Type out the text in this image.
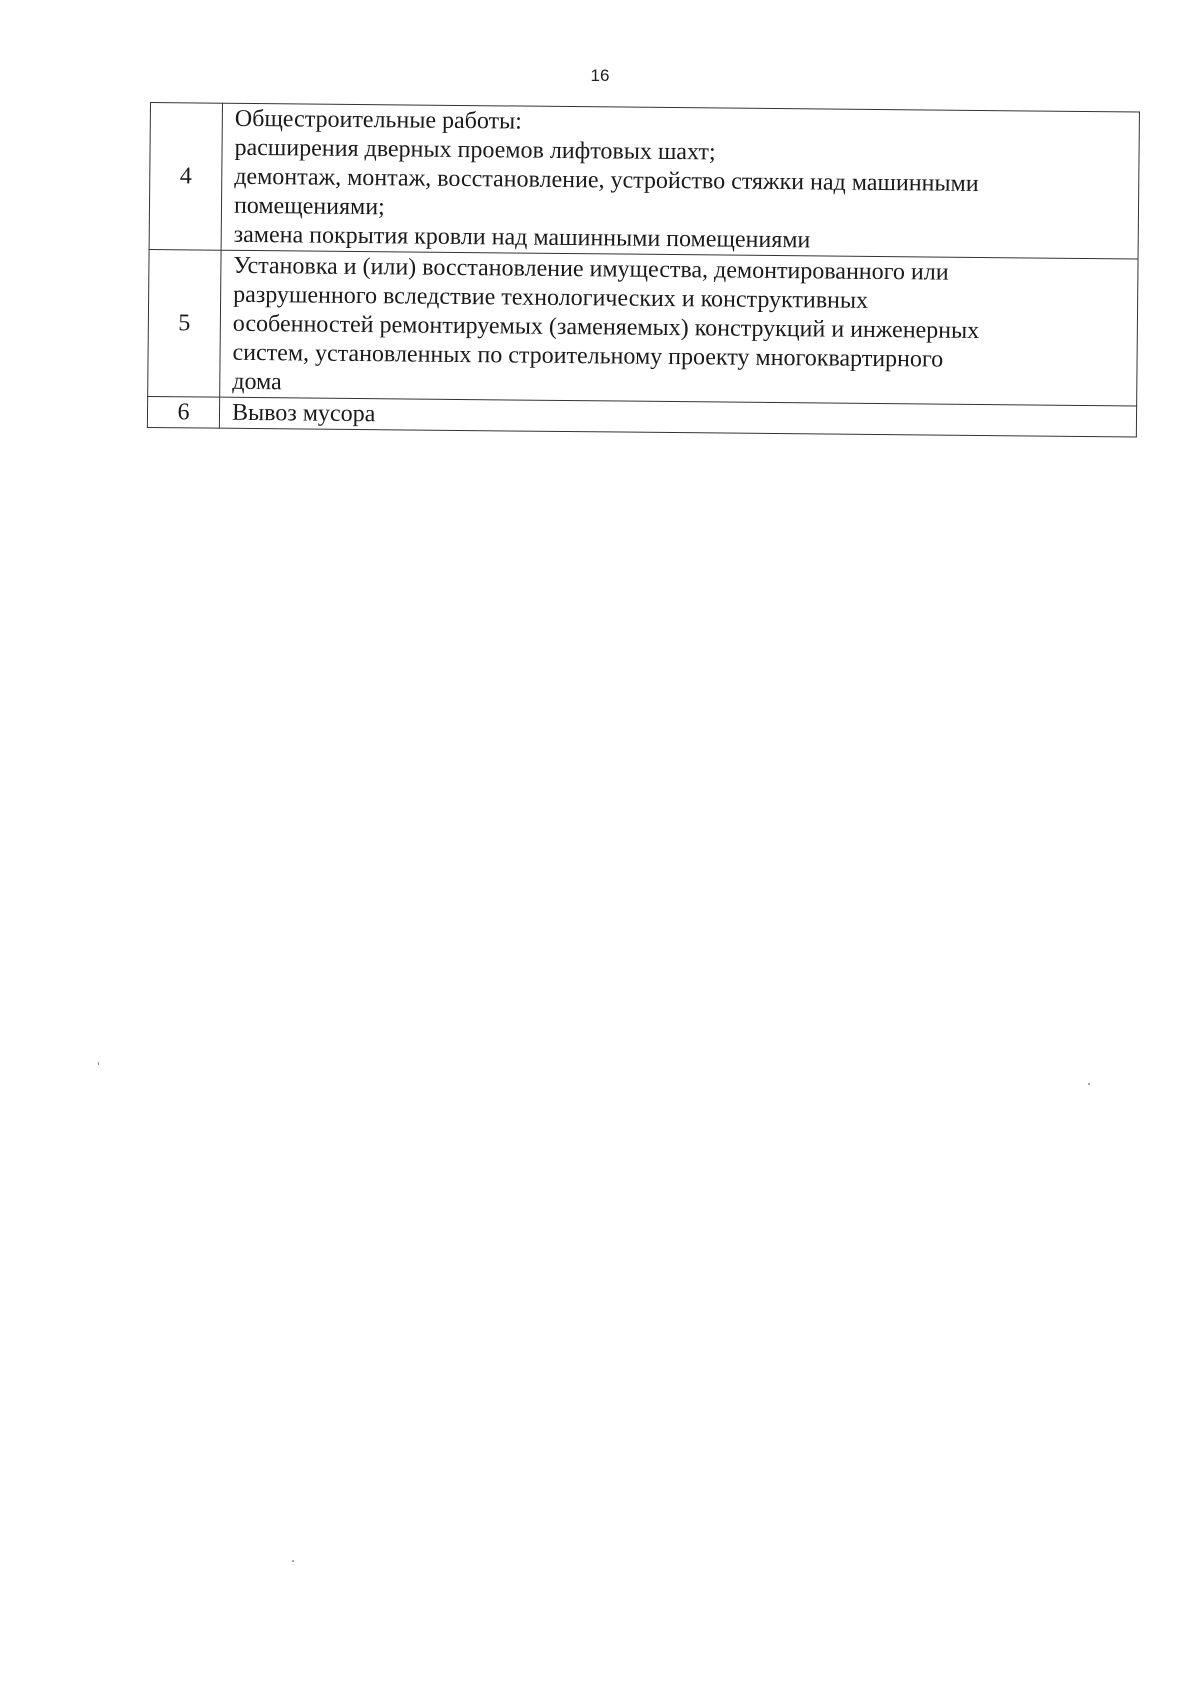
16
4	Общестроительные работы:
расширения дверных проемов лифтовых шахт;
демонтаж, монтаж, восстановление, устройство стяжки над машинными
помещениями;
замена покрытия кровли над машинными помещениями

5	Установка и (или) восстановление имущества, демонтированного или
разрушенного вследствие технологических и конструктивных
особенностей ремонтируемых (заменяемых) конструкций и инженерных
систем, установленных по строительному проекту многоквартирного
дома

6	Вывоз мусора
